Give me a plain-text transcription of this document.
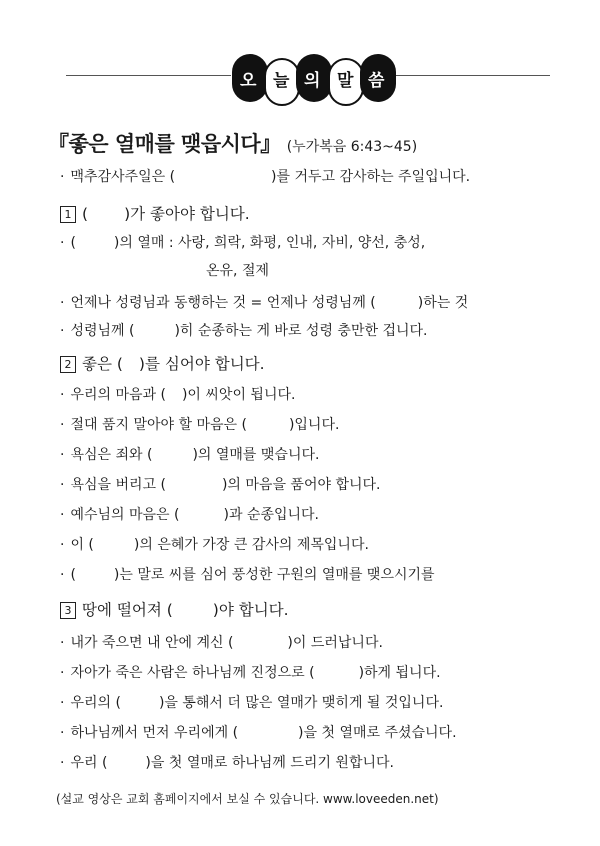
오 늘 의 말 씀
『좋은 열매를 맺읍시다』 (누가복음 6:43~45)
· 맥추감사주일은 (	)를 거두고 감사하는 주일입니다.
1 ( )가 좋아야 합니다.
· (	)의 열매 : 사랑, 희락, 화평, 인내, 자비, 양선, 충성,
온유, 절제
· 언제나 성령님과 동행하는 것 = 언제나 성령님께 (	)하는 것
· 성령님께 (	)히 순종하는 게 바로 성령 충만한 겁니다.
2 좋은 ( )를 심어야 합니다.
· 우리의 마음과 ( )이 씨앗이 됩니다.
· 절대 품지 말아야 할 마음은 (	)입니다.
· 욕심은 죄와 (	)의 열매를 맺습니다.
· 욕심을 버리고 (	)의 마음을 품어야 합니다.
· 예수님의 마음은 (	)과 순종입니다.
· 이 (	)의 은혜가 가장 큰 감사의 제목입니다.
· (	)는 말로 씨를 심어 풍성한 구원의 열매를 맺으시기를
3 땅에 떨어져 (	)야 합니다.
· 내가 죽으면 내 안에 계신 (	)이 드러납니다.
· 자아가 죽은 사람은 하나님께 진정으로 (	)하게 됩니다.
· 우리의 (	)을 통해서 더 많은 열매가 맺히게 될 것입니다.
· 하나님께서 먼저 우리에게 (	)을 첫 열매로 주셨습니다.
· 우리 (	)을 첫 열매로 하나님께 드리기 원합니다.
(설교 영상은 교회 홈페이지에서 보실 수 있습니다. www.loveeden.net)
